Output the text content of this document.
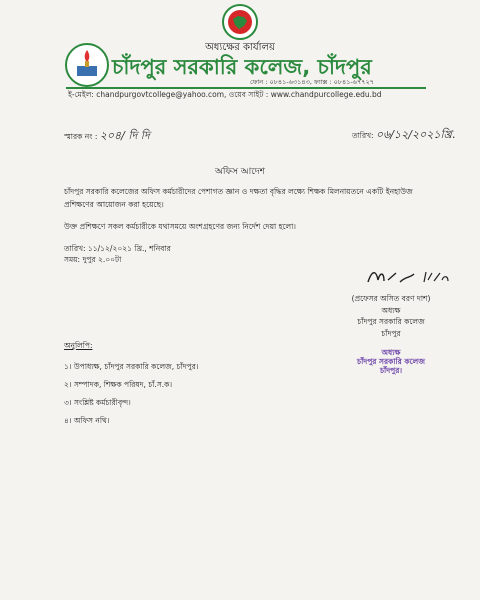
অধ্যক্ষের কার্যালয়
চাঁদপুর সরকারি কলেজ, চাঁদপুর
ফোন : ০৮৪১-৬৩১৪৩, ফ্যাক্স : ০৮৪১-৬৭৭২৭
ই-মেইল: chandpurgovtcollege@yahoo.com, ওয়েব সাইট : www.chandpurcollege.edu.bd
স্মারক নং : ২০৪/ দি দি	তারিখ: ০৬/১২/২০২১খ্রি.
অফিস আদেশ
চাঁদপুর সরকারি কলেজের অফিস কর্মচারীদের পেশাগত জ্ঞান ও দক্ষতা বৃদ্ধির লক্ষ্যে শিক্ষক মিলনায়তনে একটি ইনহাউজ প্রশিক্ষণের আয়োজন করা হয়েছে।
উক্ত প্রশিক্ষণে সকল কর্মচারীকে যথাসময়ে অংশগ্রহণের জন্য নির্দেশ দেয়া হলো।
তারিখ: ১১/১২/২০২১ খ্রি., শনিবার
সময়: দুপুর ২.০০টা
(প্রফেসর অসিত বরণ দাশ)
অধ্যক্ষ
চাঁদপুর সরকারি কলেজ
চাঁদপুর
অধ্যক্ষ
চাঁদপুর সরকারি কলেজ
চাঁদপুর।
অনুলিপি:
১। উপাধ্যক্ষ, চাঁদপুর সরকারি কলেজ, চাঁদপুর।
২। সম্পাদক, শিক্ষক পরিষদ, চাঁ.স.ক।
৩। সংশ্লিষ্ট কর্মচারীবৃন্দ।
৪। অফিস নথি।
